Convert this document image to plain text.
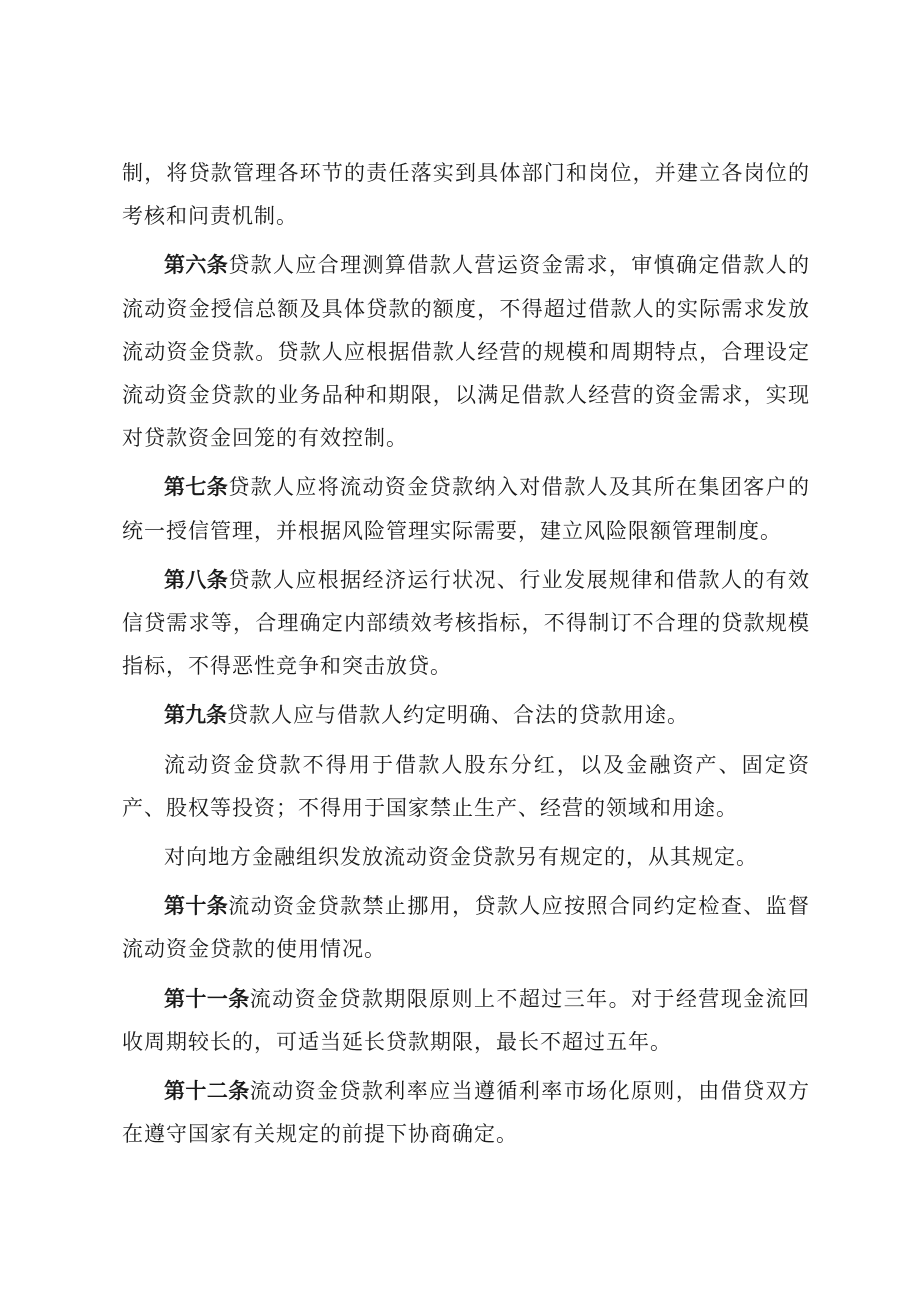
制，将贷款管理各环节的责任落实到具体部门和岗位，并建立各岗位的考核和问责机制。

第六条贷款人应合理测算借款人营运资金需求，审慎确定借款人的流动资金授信总额及具体贷款的额度，不得超过借款人的实际需求发放流动资金贷款。贷款人应根据借款人经营的规模和周期特点，合理设定流动资金贷款的业务品种和期限，以满足借款人经营的资金需求，实现对贷款资金回笼的有效控制。

第七条贷款人应将流动资金贷款纳入对借款人及其所在集团客户的统一授信管理，并根据风险管理实际需要，建立风险限额管理制度。

第八条贷款人应根据经济运行状况、行业发展规律和借款人的有效信贷需求等，合理确定内部绩效考核指标，不得制订不合理的贷款规模指标，不得恶性竞争和突击放贷。

第九条贷款人应与借款人约定明确、合法的贷款用途。

流动资金贷款不得用于借款人股东分红，以及金融资产、固定资产、股权等投资；不得用于国家禁止生产、经营的领域和用途。

对向地方金融组织发放流动资金贷款另有规定的，从其规定。

第十条流动资金贷款禁止挪用，贷款人应按照合同约定检查、监督流动资金贷款的使用情况。

第十一条流动资金贷款期限原则上不超过三年。对于经营现金流回收周期较长的，可适当延长贷款期限，最长不超过五年。

第十二条流动资金贷款利率应当遵循利率市场化原则，由借贷双方在遵守国家有关规定的前提下协商确定。
